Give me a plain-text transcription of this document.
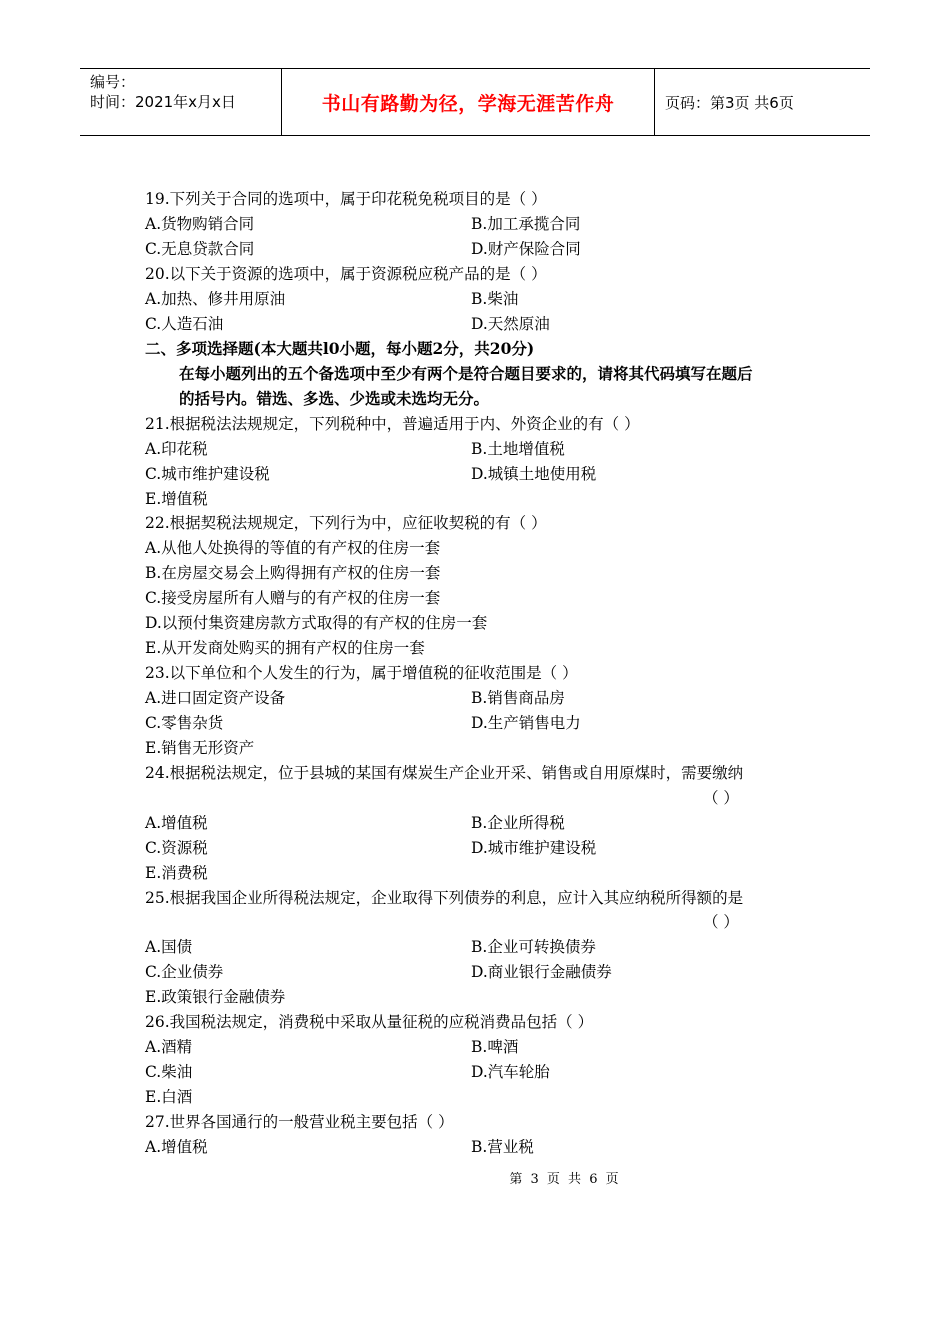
编号：
时间：2021年x月x日	书山有路勤为径，学海无涯苦作舟	页码：第3页 共6页
19.下列关于合同的选项中，属于印花税免税项目的是（ ）
A.货物购销合同	B.加工承揽合同
C.无息贷款合同	D.财产保险合同
20.以下关于资源的选项中，属于资源税应税产品的是（ ）
A.加热、修井用原油	B.柴油
C.人造石油	D.天然原油
二、多项选择题(本大题共l0小题，每小题2分，共20分)
在每小题列出的五个备选项中至少有两个是符合题目要求的，请将其代码填写在题后
的括号内。错选、多选、少选或未选均无分。
21.根据税法法规规定，下列税种中，普遍适用于内、外资企业的有（ ）
A.印花税	B.土地增值税
C.城市维护建设税	D.城镇土地使用税
E.增值税
22.根据契税法规规定，下列行为中，应征收契税的有（ ）
A.从他人处换得的等值的有产权的住房一套
B.在房屋交易会上购得拥有产权的住房一套
C.接受房屋所有人赠与的有产权的住房一套
D.以预付集资建房款方式取得的有产权的住房一套
E.从开发商处购买的拥有产权的住房一套
23.以下单位和个人发生的行为，属于增值税的征收范围是（ ）
A.进口固定资产设备	B.销售商品房
C.零售杂货	D.生产销售电力
E.销售无形资产
24.根据税法规定，位于县城的某国有煤炭生产企业开采、销售或自用原煤时，需要缴纳
（ ）
A.增值税	B.企业所得税
C.资源税	D.城市维护建设税
E.消费税
25.根据我国企业所得税法规定，企业取得下列债券的利息，应计入其应纳税所得额的是
（ ）
A.国债	B.企业可转换债券
C.企业债券	D.商业银行金融债券
E.政策银行金融债券
26.我国税法规定，消费税中采取从量征税的应税消费品包括（ ）
A.酒精	B.啤酒
C.柴油	D.汽车轮胎
E.白酒
27.世界各国通行的一般营业税主要包括（ ）
A.增值税	B.营业税
第 3 页 共 6 页
